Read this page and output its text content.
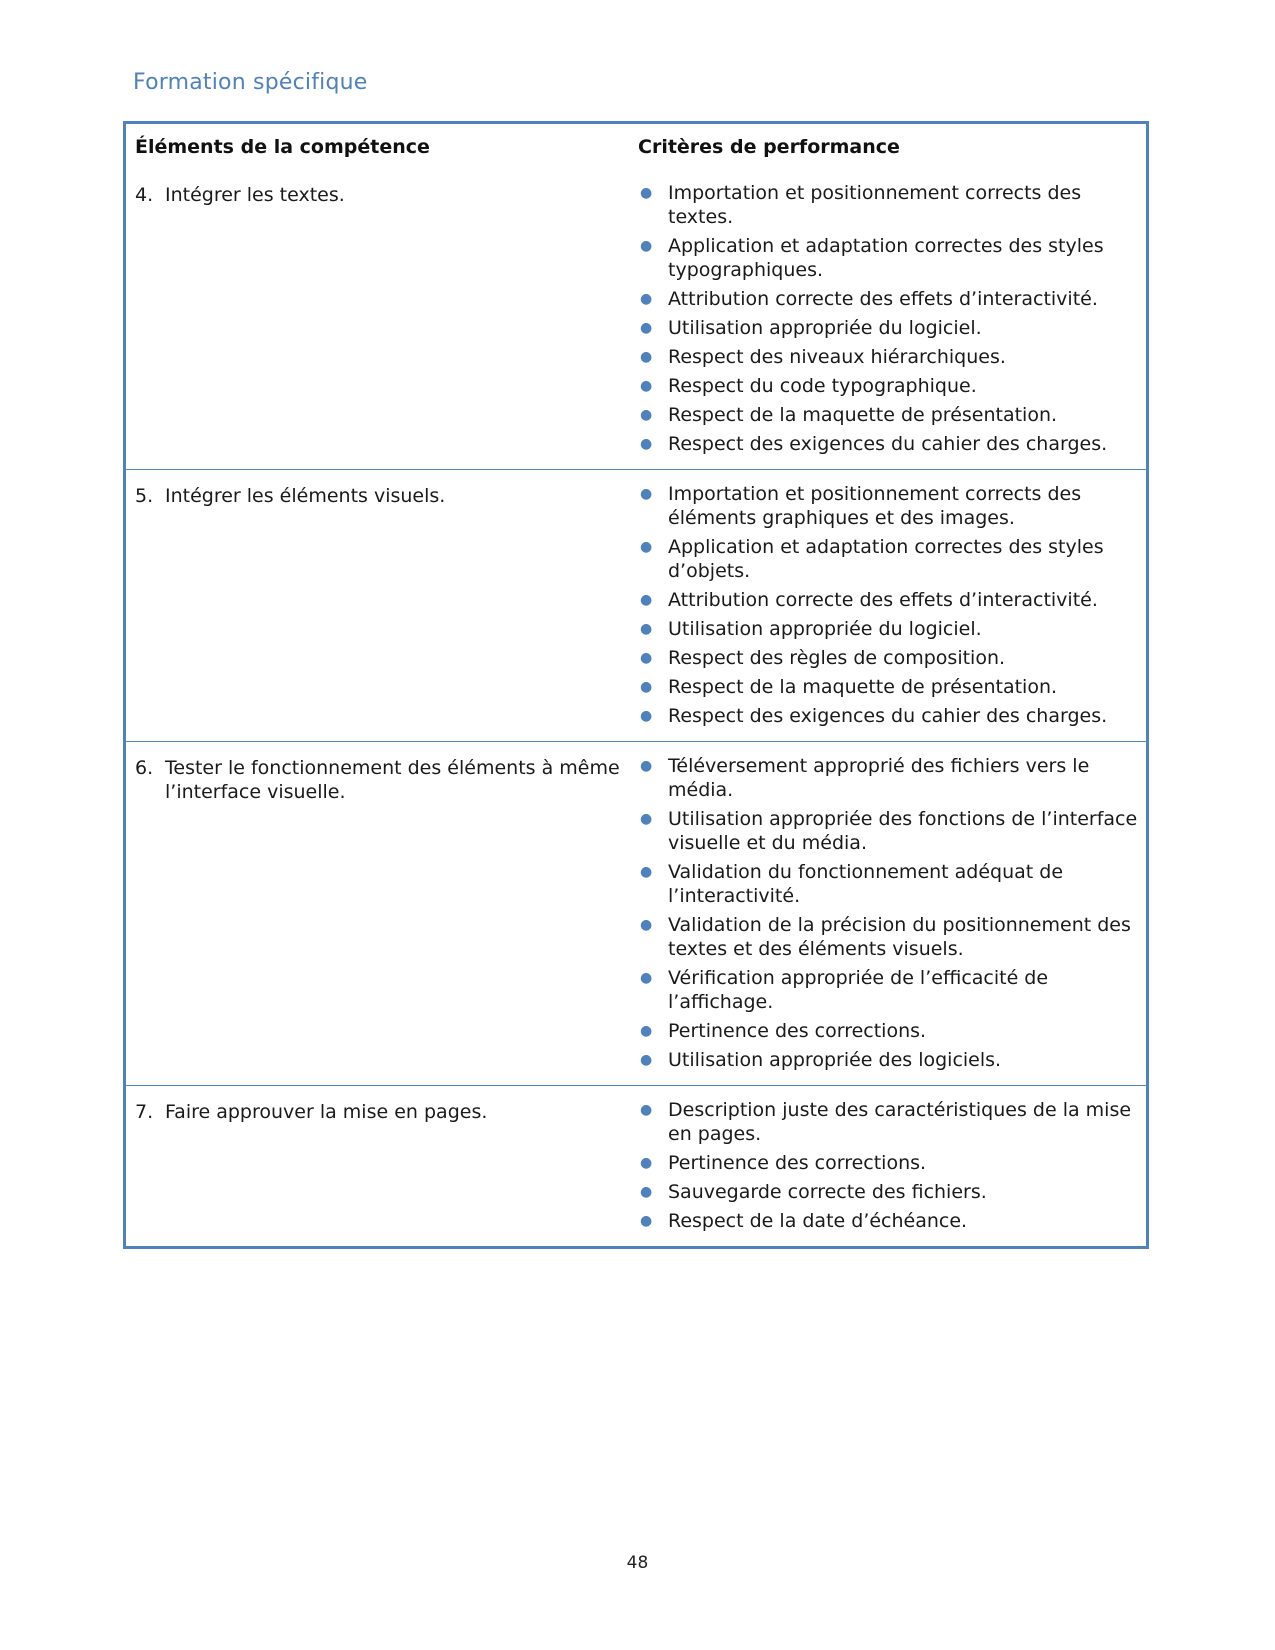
Formation spécifique
Éléments de la compétence	Critères de performance
4. Intégrer les textes.	● Importation et positionnement corrects des textes.
● Application et adaptation correctes des styles typographiques.
● Attribution correcte des effets d’interactivité.
● Utilisation appropriée du logiciel.
● Respect des niveaux hiérarchiques.
● Respect du code typographique.
● Respect de la maquette de présentation.
● Respect des exigences du cahier des charges.
5. Intégrer les éléments visuels.	● Importation et positionnement corrects des éléments graphiques et des images.
● Application et adaptation correctes des styles d’objets.
● Attribution correcte des effets d’interactivité.
● Utilisation appropriée du logiciel.
● Respect des règles de composition.
● Respect de la maquette de présentation.
● Respect des exigences du cahier des charges.
6. Tester le fonctionnement des éléments à même l’interface visuelle.
● Téléversement approprié des fichiers vers le média.
● Utilisation appropriée des fonctions de l’interface visuelle et du média.
● Validation du fonctionnement adéquat de l’interactivité.
● Validation de la précision du positionnement des textes et des éléments visuels.
● Vérification appropriée de l’efficacité de l’affichage.
● Pertinence des corrections.
● Utilisation appropriée des logiciels.
7. Faire approuver la mise en pages.	● Description juste des caractéristiques de la mise en pages.
● Pertinence des corrections.
● Sauvegarde correcte des fichiers.
● Respect de la date d’échéance.
48
